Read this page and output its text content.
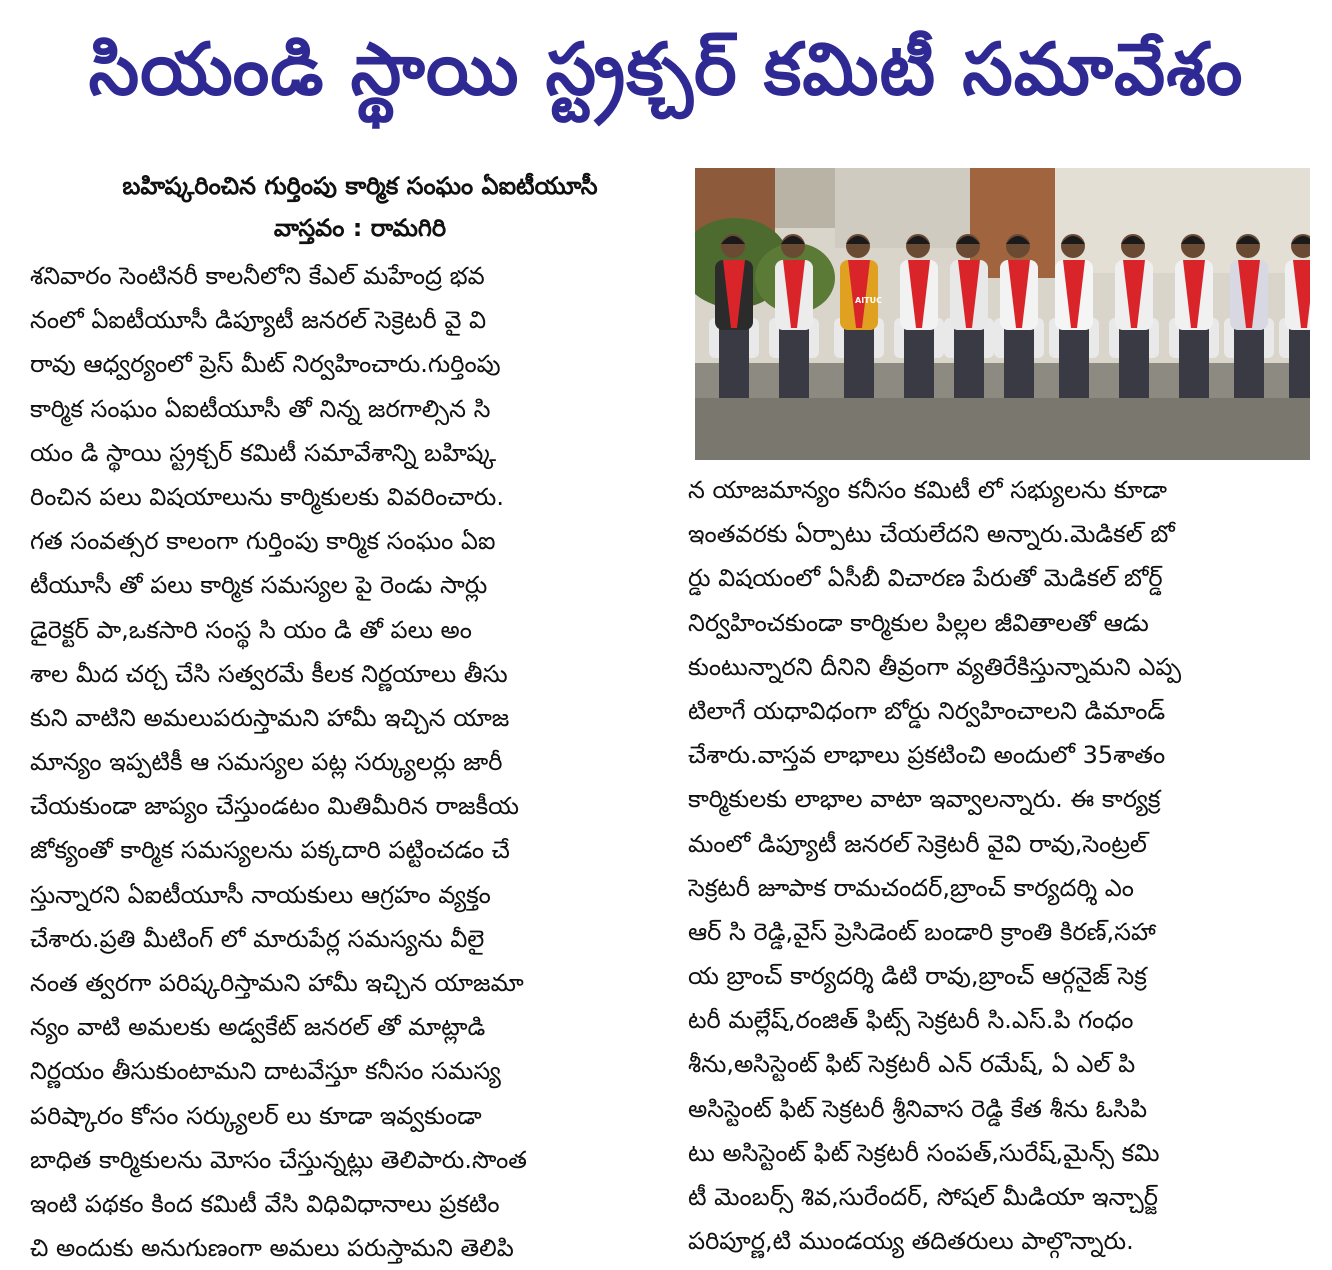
సియండి స్థాయి స్ట్రక్చర్ కమిటీ సమావేశం
బహిష్కరించిన గుర్తింపు కార్మిక సంఘం ఏఐటీయూసీ
వాస్తవం : రామగిరి
శనివారం సెంటినరీ కాలనీలోని కేఎల్ మహేంద్ర భవ
నంలో ఏఐటీయూసీ డిప్యూటీ జనరల్ సెక్రెటరీ వై వి
రావు ఆధ్వర్యంలో ప్రెస్ మీట్ నిర్వహించారు.గుర్తింపు
కార్మిక సంఘం ఏఐటీయూసీ తో నిన్న జరగాల్సిన సి
యం డి స్థాయి స్ట్రక్చర్ కమిటీ సమావేశాన్ని బహిష్క
రించిన పలు విషయాలును కార్మికులకు వివరించారు.
గత సంవత్సర కాలంగా గుర్తింపు కార్మిక సంఘం ఏఐ
టీయూసీ తో పలు కార్మిక సమస్యల పై రెండు సార్లు
డైరెక్టర్ పా,ఒకసారి సంస్థ సి యం డి తో పలు అం
శాల మీద చర్చ చేసి సత్వరమే కీలక నిర్ణయాలు తీసు
కుని వాటిని అమలుపరుస్తామని హామీ ఇచ్చిన యాజ
మాన్యం ఇప్పటికీ ఆ సమస్యల పట్ల సర్క్యులర్లు జారీ
చేయకుండా జాప్యం చేస్తుండటం మితిమీరిన రాజకీయ
జోక్యంతో కార్మిక సమస్యలను పక్కదారి పట్టించడం చే
స్తున్నారని ఏఐటీయూసీ నాయకులు ఆగ్రహం వ్యక్తం
చేశారు.ప్రతి మీటింగ్ లో మారుపేర్ల సమస్యను వీలై
నంత త్వరగా పరిష్కరిస్తామని హామీ ఇచ్చిన యాజమా
న్యం వాటి అమలకు అడ్వకేట్ జనరల్ తో మాట్లాడి
నిర్ణయం తీసుకుంటామని దాటవేస్తూ కనీసం సమస్య
పరిష్కారం కోసం సర్క్యులర్ లు కూడా ఇవ్వకుండా
బాధిత కార్మికులను మోసం చేస్తున్నట్లు తెలిపారు.సొంత
ఇంటి పథకం కింద కమిటీ వేసి విధివిధానాలు ప్రకటిం
చి అందుకు అనుగుణంగా అమలు పరుస్తామని తెలిపి
AITUC
న యాజమాన్యం కనీసం కమిటీ లో సభ్యులను కూడా
ఇంతవరకు ఏర్పాటు చేయలేదని అన్నారు.మెడికల్ బో
ర్డు విషయంలో ఏసీబీ విచారణ పేరుతో మెడికల్ బోర్డ్
నిర్వహించకుండా కార్మికుల పిల్లల జీవితాలతో ఆడు
కుంటున్నారని దీనిని తీవ్రంగా వ్యతిరేకిస్తున్నామని ఎప్ప
టిలాగే యధావిధంగా బోర్డు నిర్వహించాలని డిమాండ్
చేశారు.వాస్తవ లాభాలు ప్రకటించి అందులో 35శాతం
కార్మికులకు లాభాల వాటా ఇవ్వాలన్నారు. ఈ కార్యక్ర
మంలో డిప్యూటీ జనరల్ సెక్రెటరీ వైవి రావు,సెంట్రల్
సెక్రటరీ జూపాక రామచందర్,బ్రాంచ్ కార్యదర్శి ఎం
ఆర్ సి రెడ్డి,వైస్ ప్రెసిడెంట్ బండారి క్రాంతి కిరణ్,సహా
య బ్రాంచ్ కార్యదర్శి డిటి రావు,బ్రాంచ్ ఆర్గనైజ్ సెక్ర
టరీ మల్లేష్,రంజిత్ ఫిట్స్ సెక్రటరీ సి.ఎస్.పి గంధం
శీను,అసిస్టెంట్ ఫిట్ సెక్రటరీ ఎన్ రమేష్, ఏ ఎల్ పి
అసిస్టెంట్ ఫిట్ సెక్రటరీ శ్రీనివాస రెడ్డి కేత శీను ఓసిపి
టు అసిస్టెంట్ ఫిట్ సెక్రటరీ సంపత్,సురేష్,మైన్స్ కమి
టీ మెంబర్స్ శివ,సురేందర్, సోషల్ మీడియా ఇన్చార్జ్
పరిపూర్ణ,టి ముండయ్య తదితరులు పాల్గొన్నారు.
